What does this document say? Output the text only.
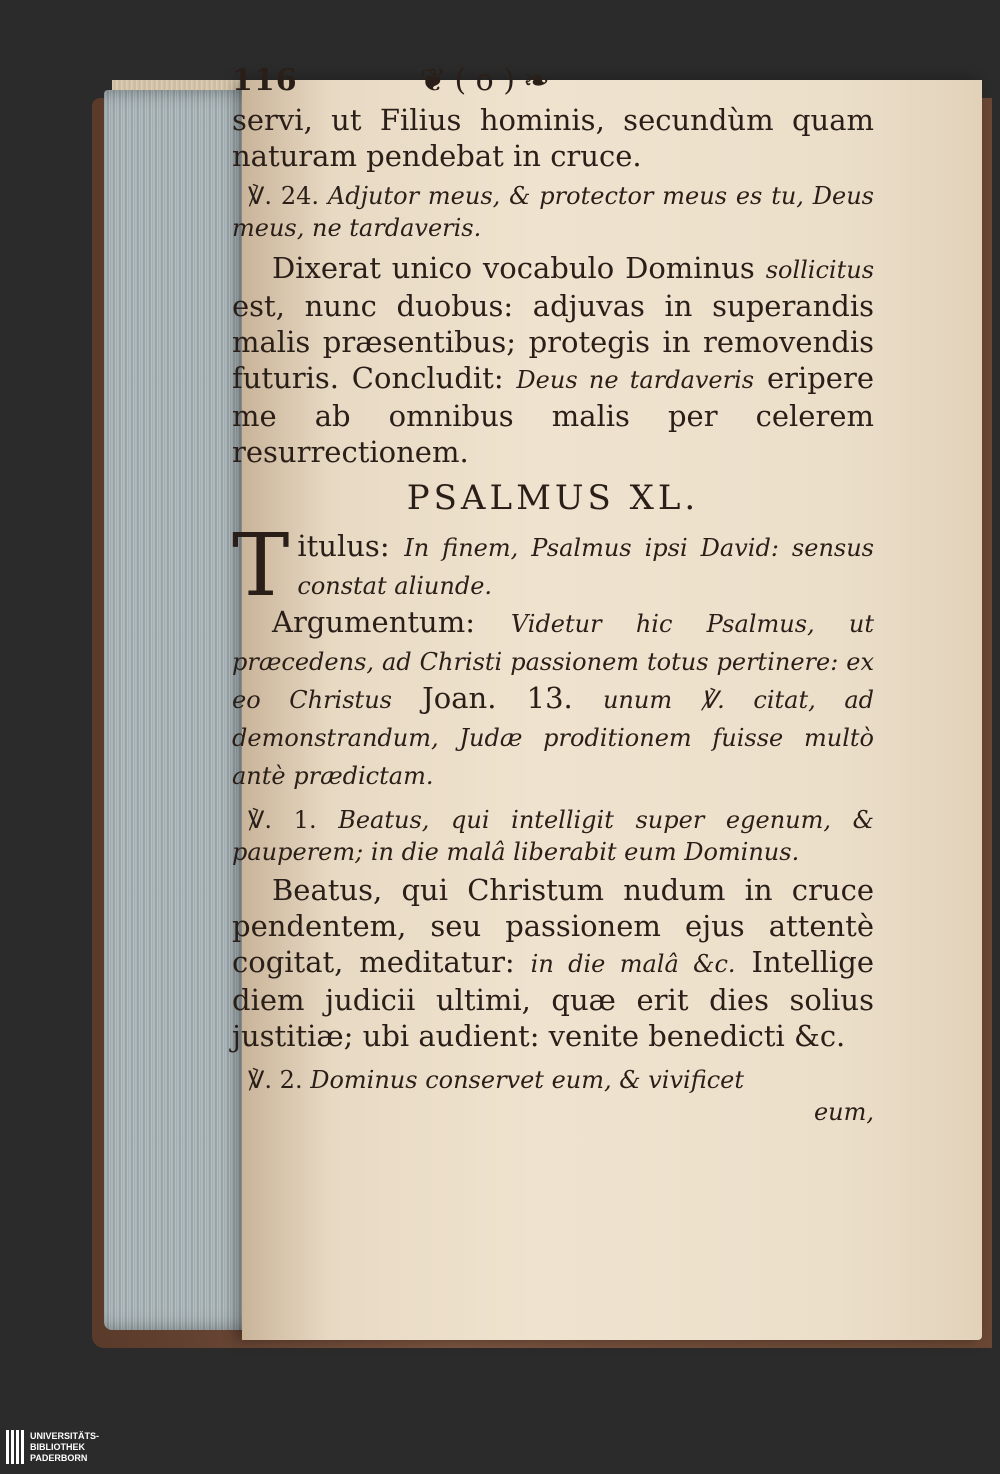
116	❦ ( o ) ❧

servi, ut Filius hominis, secundùm quam naturam pendebat in cruce.

℣. 24. Adjutor meus, & protector meus es tu, Deus meus, ne tardaveris.

Dixerat unico vocabulo Dominus sollicitus est, nunc duobus: adjuvas in superandis malis præsentibus; protegis in removendis futuris. Concludit: Deus ne tardaveris eripere me ab omnibus malis per celerem resurrectionem.

PSALMUS XL.

T itulus: In finem, Psalmus ipsi David: sensus constat aliunde.

Argumentum: Videtur hic Psalmus, ut præcedens, ad Christi passionem totus pertinere: ex eo Christus Joan. 13. unum ℣. citat, ad demonstrandum, Judæ proditionem fuisse multò antè prædictam.

℣. 1. Beatus, qui intelligit super egenum, & pauperem; in die malâ liberabit eum Dominus.

Beatus, qui Christum nudum in cruce pendentem, seu passionem ejus attentè cogitat, meditatur: in die malâ &c. Intellige diem judicii ultimi, quæ erit dies solius justitiæ; ubi audient: venite benedicti &c.

℣. 2. Dominus conservet eum, & vivificet

eum,

UNIVERSITÄTS-
BIBLIOTHEK
PADERBORN
